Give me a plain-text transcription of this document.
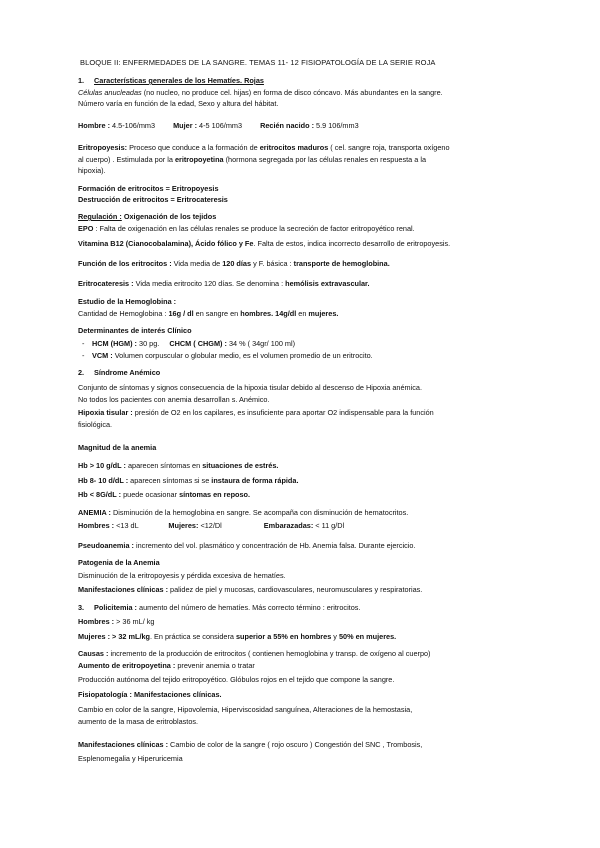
BLOQUE II: ENFERMEDADES DE LA SANGRE. TEMAS 11- 12 FISIOPATOLOGÍA DE LA SERIE ROJA
1. Características generales de los Hematíes. Rojas
Células anucleadas (no nucleo, no produce cel. hijas) en forma de disco cóncavo. Más abundantes en la sangre.
Número varía en función de la edad, Sexo y altura del hábitat.
Hombre : 4.5-106/mm3 Mujer : 4-5 106/mm3 Recién nacido : 5.9 106/mm3
Eritropoyesis: Proceso que conduce a la formación de eritrocitos maduros ( cel. sangre roja, transporta oxígeno
al cuerpo) . Estimulada por la eritropoyetina (hormona segregada por las células renales en respuesta a la
hipoxia).
Formación de eritrocitos = Eritropoyesis
Destrucción de eritrocitos = Eritrocateresis
Regulación : Oxigenación de los tejidos
EPO : Falta de oxigenación en las células renales se produce la secreción de factor eritropoyético renal.
Vitamina B12 (Cianocobalamina), Ácido fólico y Fe. Falta de estos, indica incorrecto desarrollo de eritropoyesis.
Función de los eritrocitos : Vida media de 120 días y F. básica : transporte de hemoglobina.
Eritrocateresis : Vida media eritrocito 120 días. Se denomina : hemólisis extravascular.
Estudio de la Hemoglobina :
Cantidad de Hemoglobina : 16g / dl en sangre en hombres. 14g/dl en mujeres.
Determinantes de interés Clínico
- HCM (HGM) : 30 pg. CHCM ( CHGM) : 34 % ( 34gr/ 100 ml)
- VCM : Volumen corpuscular o globular medio, es el volumen promedio de un eritrocito.
2. Síndrome Anémico
Conjunto de síntomas y signos consecuencia de la hipoxia tisular debido al descenso de Hipoxia anémica.
No todos los pacientes con anemia desarrollan s. Anémico.
Hipoxia tisular : presión de O2 en los capilares, es insuficiente para aportar O2 indispensable para la función
fisiológica.
Magnitud de la anemia
Hb > 10 g/dL : aparecen síntomas en situaciones de estrés.
Hb 8- 10 d/dL : aparecen síntomas si se instaura de forma rápida.
Hb < 8G/dL : puede ocasionar síntomas en reposo.
ANEMIA : Disminución de la hemoglobina en sangre. Se acompaña con disminución de hematocritos.
Hombres : <13 dL	Mujeres: <12/Dl	Embarazadas: < 11 g/Dl
Pseudoanemia : incremento del vol. plasmático y concentración de Hb. Anemia falsa. Durante ejercicio.
Patogenia de la Anemia
Disminución de la eritropoyesis y pérdida excesiva de hematíes.
Manifestaciones clínicas : palidez de piel y mucosas, cardiovasculares, neuromusculares y respiratorias.
3. Policitemia : aumento del número de hematíes. Más correcto término : eritrocitos.
Hombres : > 36 mL/ kg
Mujeres : > 32 mL/kg. En práctica se considera superior a 55% en hombres y 50% en mujeres.
Causas : incremento de la producción de eritrocitos ( contienen hemoglobina y transp. de oxígeno al cuerpo)
Aumento de eritropoyetina : prevenir anemia o tratar
Producción autónoma del tejido eritropoyético. Glóbulos rojos en el tejido que compone la sangre.
Fisiopatología : Manifestaciones clínicas.
Cambio en color de la sangre, Hipovolemia, Hiperviscosidad sanguínea, Alteraciones de la hemostasia,
aumento de la masa de eritroblastos.
Manifestaciones clínicas : Cambio de color de la sangre ( rojo oscuro ) Congestión del SNC , Trombosis,
Esplenomegalia y Hiperuricemia
